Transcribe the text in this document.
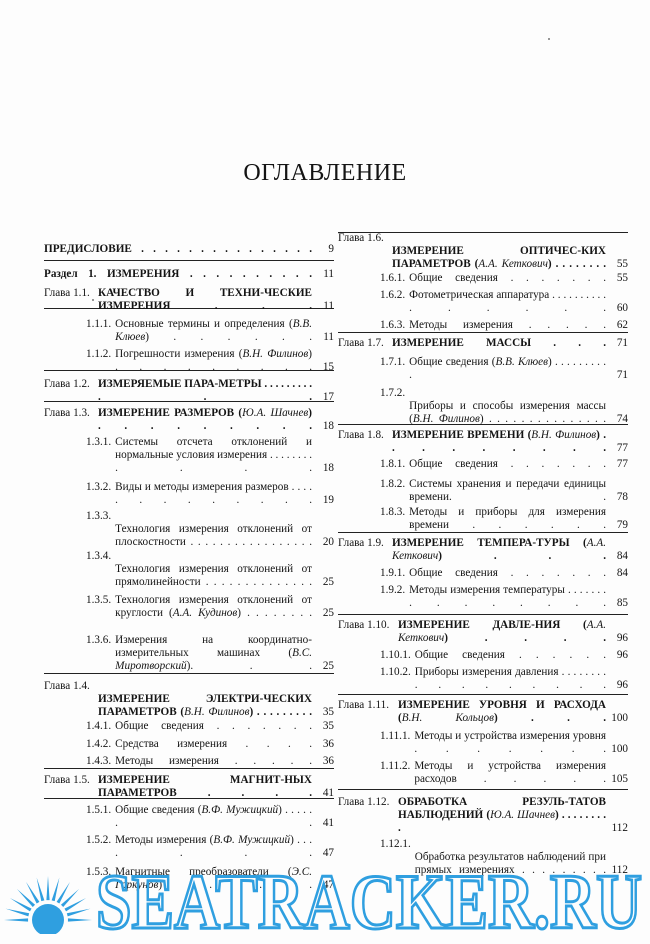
ОГЛАВЛЕНИЕ
ПРЕДИСЛОВИЕ . . . . . . . . . . . . . . .	9
Раздел 1. ИЗМЕРЕНИЯ . . . . . . . . . .	11
Глава 1.1. КАЧЕСТВО И ТЕХНИ-ЧЕСКИЕ ИЗМЕРЕНИЯ . . .	11
1.1.1. Основные термины и определения (В.В. Клюев) . . . . . .	11
1.1.2. Погрешности измерения (В.Н. Филинов) . . . . . . . . . 15
Глава 1.2. ИЗМЕРЯЕМЫЕ ПАРА-МЕТРЫ . . . . . . . . . . . . 17
Глава 1.3. ИЗМЕРЕНИЕ РАЗМЕРОВ (Ю.А. Шачнев) . . . . . . . . . 18
1.3.1. Системы отсчета отклонений и нормальные условия измерения . . . . . . . . . . . . 18
1.3.2. Виды и методы измерения размеров . . . . . . . . . . . . . 19
1.3.3.
Технология измерения отклонений от плоскостности . . . . . . . . . . . . . . . . . 20
1.3.4.
Технология измерения отклонений от прямолинейности . . . . . . . . . . . . . . 25
1.3.5. Технология измерения отклонений от круглости (А.А. Кудинов) . . . . . . . . 25
1.3.6. Измерения на координатно-измерительных машинах (В.С. Миротворский). . . 25
Глава 1.4.
ИЗМЕРЕНИЕ ЭЛЕКТРИ-ЧЕСКИХ ПАРАМЕТРОВ (В.Н. Филинов) . . . . . . . . . 35
1.4.1. Общие сведения . . . . . . . 35
1.4.2. Средства измерения . . . . 36
1.4.3. Методы измерения . . . . . 36
Глава 1.5. ИЗМЕРЕНИЕ МАГНИТ-НЫХ ПАРАМЕТРОВ . . . . 41
1.5.1. Общие сведения (В.Ф. Мужицкий) . . . . . . . 41
1.5.2. Методы измерения (В.Ф. Мужицкий) . . . . . . . 47
1.5.3. Магнитные преобразователи (Э.С. Горкунов) . . . 47
Глава 1.6.
ИЗМЕРЕНИЕ ОПТИЧЕС-КИХ ПАРАМЕТРОВ (А.А. Кеткович) . . . . . . . . 55
1.6.1. Общие сведения . . . . . . . 55
1.6.2. Фотометрическая аппаратура . . . . . . . . . . . . . . . . 60
1.6.3. Методы измерения . . . . . 62
Глава 1.7. ИЗМЕРЕНИЕ МАССЫ . . . 71
1.7.1. Общие сведения (В.В. Клюев) . . . . . . . . . .	71
1.7.2.
Приборы и способы измерения массы (В.Н. Филинов) . . . . . . . . . . . . . . . 74
Глава 1.8. ИЗМЕРЕНИЕ ВРЕМЕНИ (В.Н. Филинов) . . . . . . . . . 77
1.8.1. Общие сведения . . . . . . . 77
1.8.2. Системы хранения и передачи единицы времени. . 78
1.8.3. Методы и приборы для измерения времени . . . . . . 79
Глава 1.9. ИЗМЕРЕНИЕ ТЕМПЕРА-ТУРЫ (А.А. Кеткович) . . . 84
1.9.1. Общие сведения . . . . . . . 84
1.9.2. Методы измерения температуры . . . . . . . . . . . . . . . 85
Глава 1.10. ИЗМЕРЕНИЕ ДАВЛЕ-НИЯ (А.А. Кеткович) . . . . 96
1.10.1. Общие сведения . . . . . . 96
1.10.2. Приборы измерения давления . . . . . . . . . . . . . . . . . 96
Глава 1.11. ИЗМЕРЕНИЕ УРОВНЯ И РАСХОДА (В.Н. Кольцов) . . . 100
1.11.1. Методы и устройства измерения уровня . . . . . . . 100
1.11.2. Методы и устройства измерения расходов . . . . . 105
Глава 1.12. ОБРАБОТКА РЕЗУЛЬ-ТАТОВ НАБЛЮДЕНИЙ (Ю.А. Шачнев) . . . . . . . . .	112
1.12.1.
Обработка результатов наблюдений при прямых измерениях . . . . . . . . . 112
SEATRACKER.RU
